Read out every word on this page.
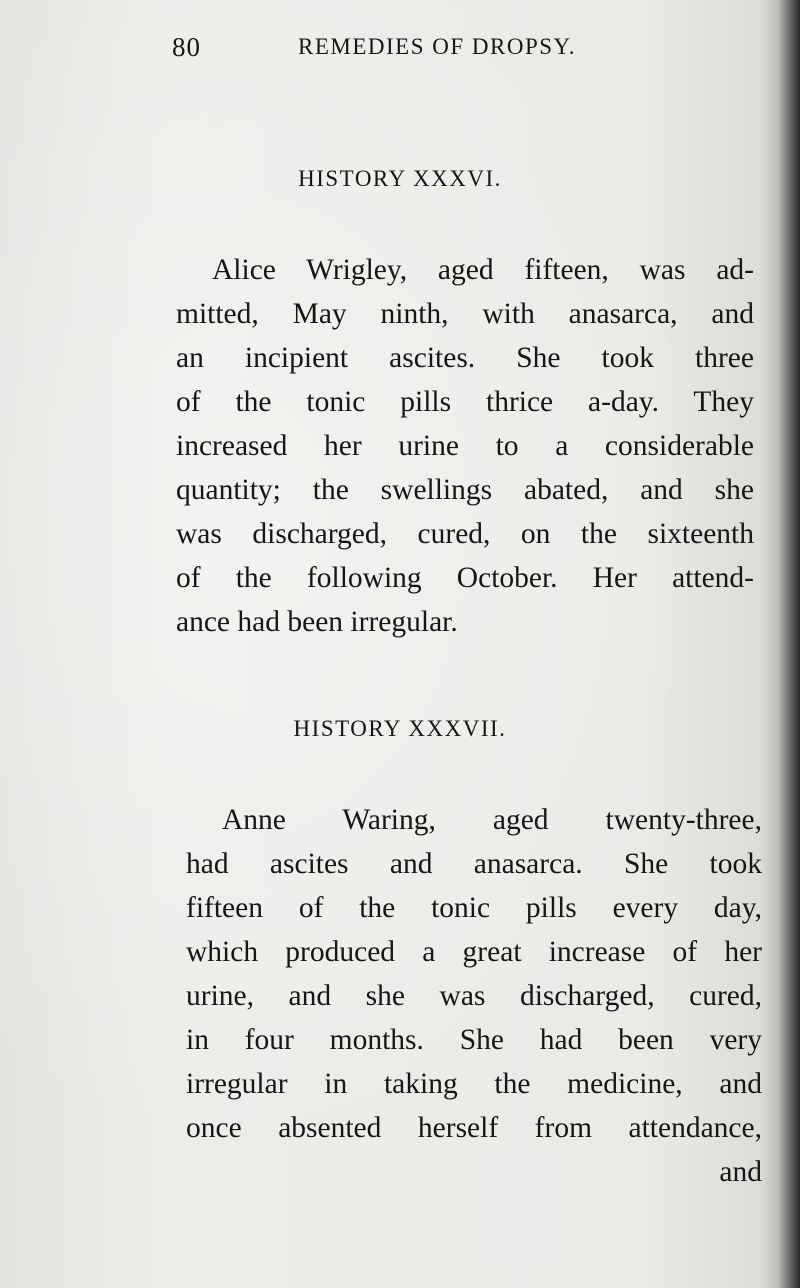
80	REMEDIES OF DROPSY.
HISTORY XXXVI.
Alice Wrigley, aged fifteen, was ad-
mitted, May ninth, with anasarca, and
an incipient ascites. She took three
of the tonic pills thrice a-day. They
increased her urine to a considerable
quantity; the swellings abated, and she
was discharged, cured, on the sixteenth
of the following October. Her attend-
ance had been irregular.
HISTORY XXXVII.
Anne Waring, aged twenty-three,
had ascites and anasarca. She took
fifteen of the tonic pills every day,
which produced a great increase of her
urine, and she was discharged, cured,
in four months. She had been very
irregular in taking the medicine, and
once absented herself from attendance,
and
